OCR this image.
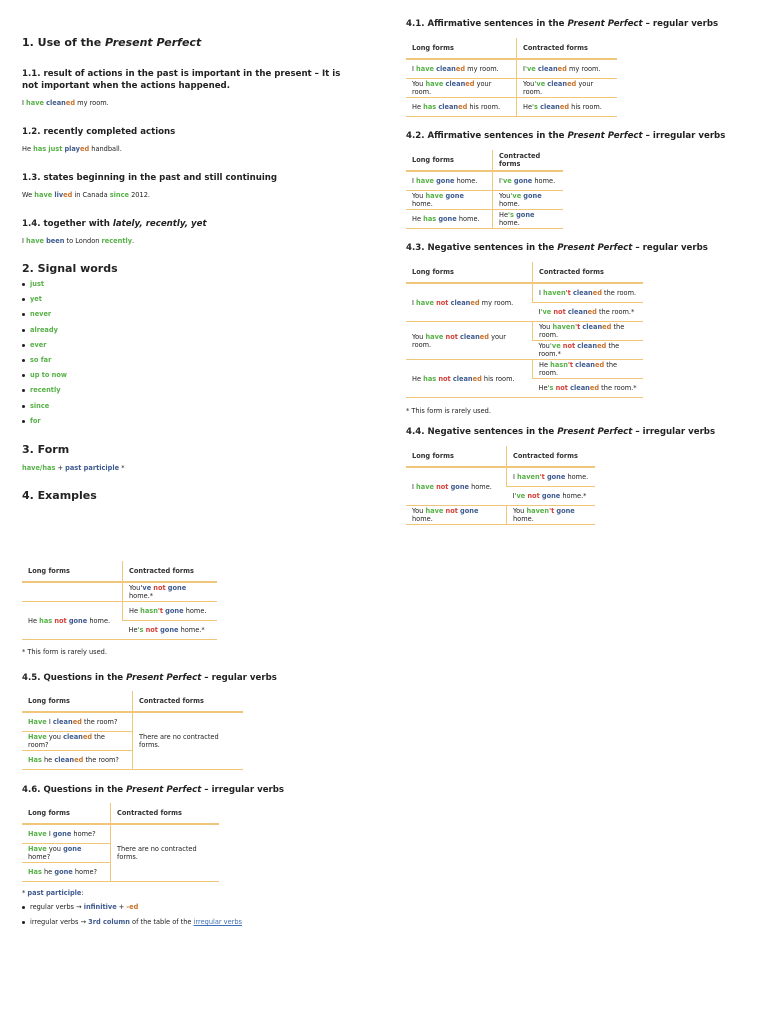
1. Use of the Present Perfect
1.1. result of actions in the past is important in the present – It is not important when the actions happened.

I have cleaned my room.

1.2. recently completed actions

He has just played handball.

1.3. states beginning in the past and still continuing

We have lived in Canada since 2012.

1.4. together with lately, recently, yet

I have been to London recently.

2. Signal words
just
yet
never
already
ever
so far
up to now
recently
since
for
3. Form

have/has + past participle *

4. Examples
Long forms	Contracted forms
	You've not gone home.*
He has not gone home.	He hasn't gone home.
	He's not gone home.*

* This form is rarely used.

4.5. Questions in the Present Perfect – regular verbs
Long forms	Contracted forms
Have I cleaned the room?	There are no contracted forms.
Have you cleaned the room?	
Has he cleaned the room?	
4.6. Questions in the Present Perfect – irregular verbs
Long forms	Contracted forms
Have I gone home?	There are no contracted forms.
Have you gone home?	
Has he gone home?	

* past participle:

regular verbs → infinitive + -ed
irregular verbs → 3rd column of the table of the irregular verbs
4.1. Affirmative sentences in the Present Perfect – regular verbs
Long forms	Contracted forms
I have cleaned my room.	I've cleaned my room.
You have cleaned your room.	You've cleaned your room.
He has cleaned his room.	He's cleaned his room.
4.2. Affirmative sentences in the Present Perfect – irregular verbs
Long forms	Contracted forms
I have gone home.	I've gone home.
You have gone home.	You've gone home.
He has gone home.	He's gone home.
4.3. Negative sentences in the Present Perfect – regular verbs
Long forms	Contracted forms
I have not cleaned my room.	I haven't cleaned the room.
	I've not cleaned the room.*
You have not cleaned your room.	You haven't cleaned the room.
	You've not cleaned the room.*
He has not cleaned his room.	He hasn't cleaned the room.
	He's not cleaned the room.*

* This form is rarely used.

4.4. Negative sentences in the Present Perfect – irregular verbs
Long forms	Contracted forms
I have not gone home.	I haven't gone home.
	I've not gone home.*
You have not gone home.	You haven't gone home.
